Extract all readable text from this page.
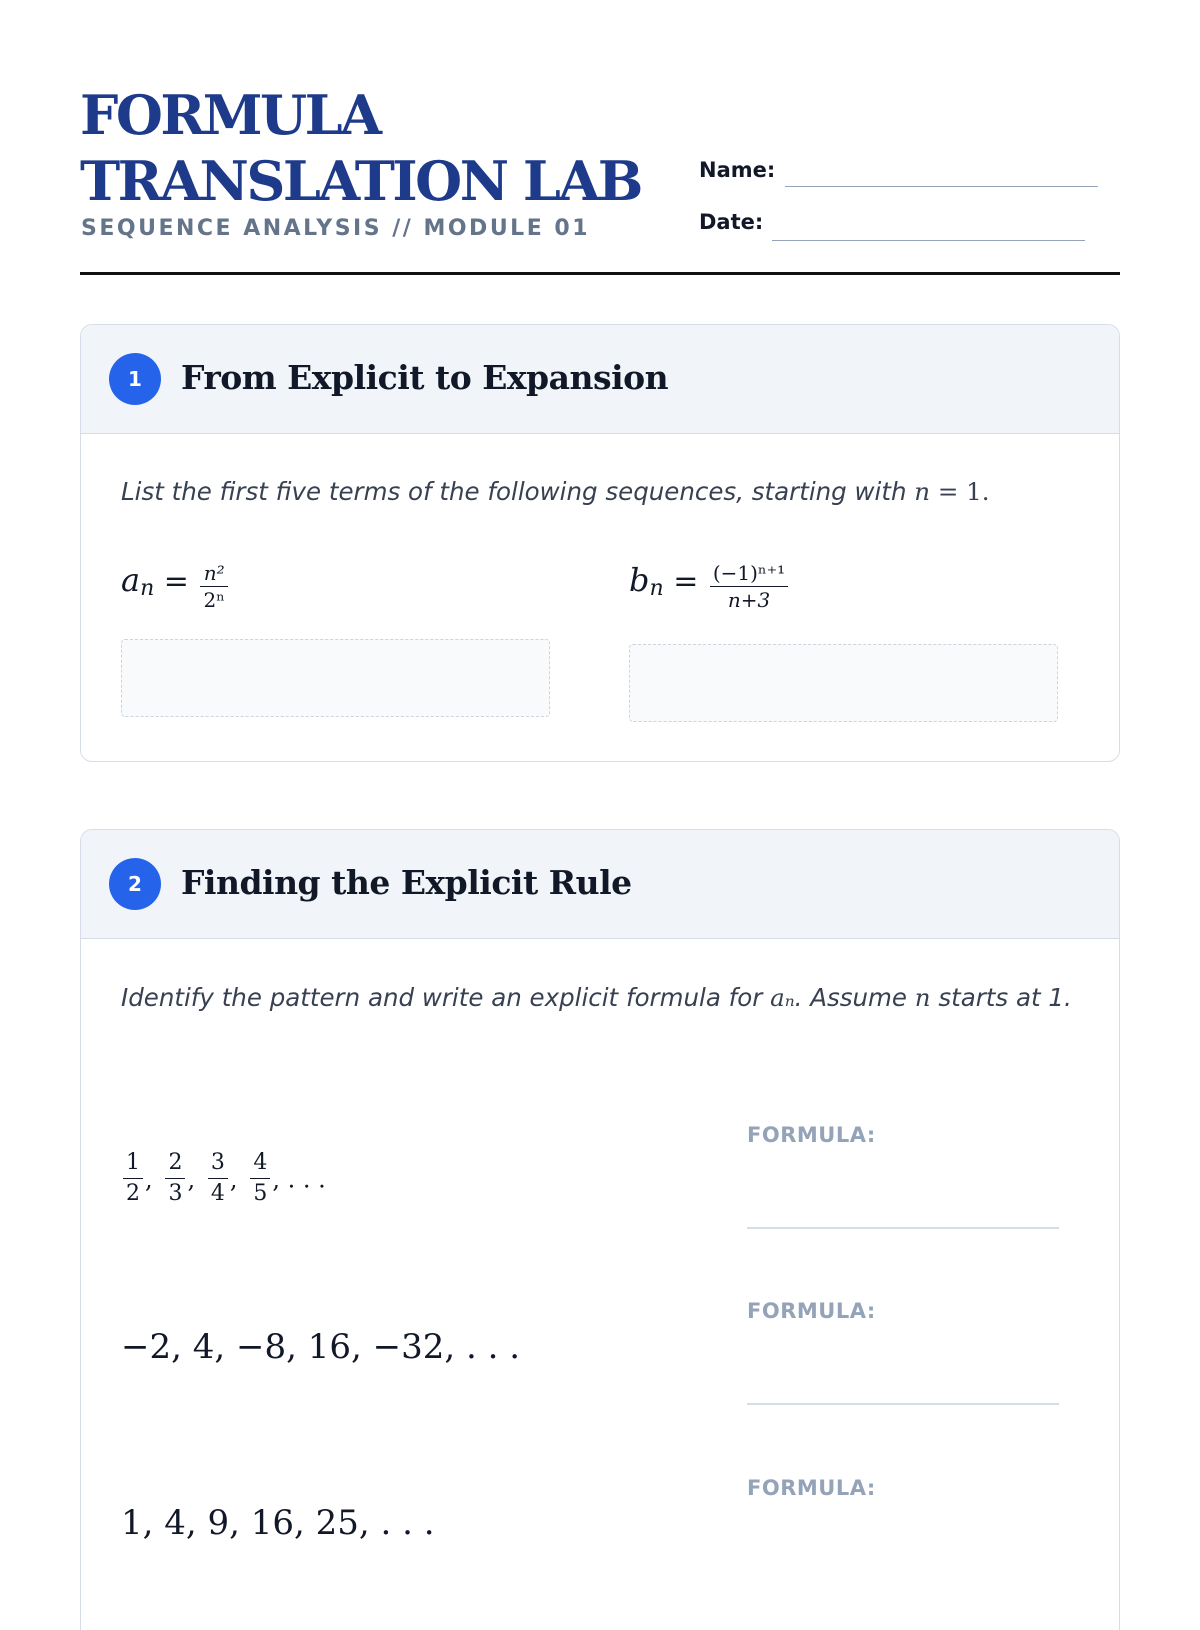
FORMULA
TRANSLATION LAB
SEQUENCE ANALYSIS // MODULE 01
Name:
Date:
1	From Explicit to Expansion

List the first five terms of the following sequences, starting with n = 1.

$a_n = \frac{\text{n²}}{\text{2ⁿ}}$	$b_n = \frac{\text{(−1)ⁿ⁺¹}}{n+3}$
2	Finding the Explicit Rule

Identify the pattern and write an explicit formula for aₙ. Assume n starts at 1.

$\frac{1}{2}$ , $\frac{2}{3}$ , $\frac{3}{4}$ , $\frac{4}{5}$ , . . .
FORMULA:
−2, 4, −8, 16, −32, . . .
FORMULA:
1, 4, 9, 16, 25, . . .
FORMULA:
